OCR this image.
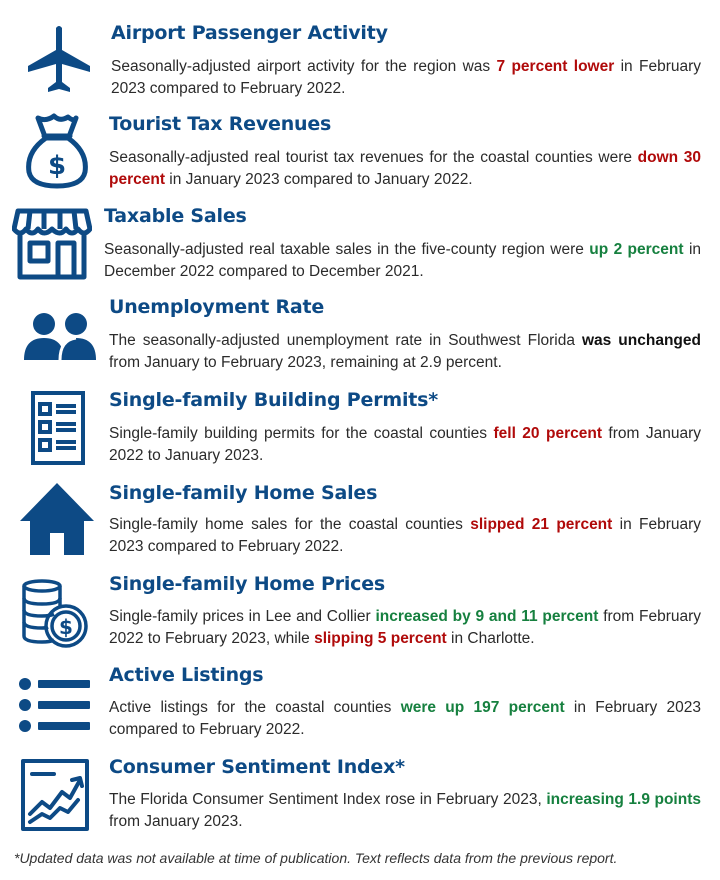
Airport Passenger Activity
Seasonally-adjusted airport activity for the region was 7 percent lower in February 2023 compared to February 2022.
$
Tourist Tax Revenues
Seasonally-adjusted real tourist tax revenues for the coastal counties were down 30 percent in January 2023 compared to January 2022.
Taxable Sales
Seasonally-adjusted real taxable sales in the five-county region were up 2 percent in December 2022 compared to December 2021.
Unemployment Rate
The seasonally-adjusted unemployment rate in Southwest Florida was unchanged from January to February 2023, remaining at 2.9 percent.
Single-family Building Permits*
Single-family building permits for the coastal counties fell 20 percent from January 2022 to January 2023.
Single-family Home Sales
Single-family home sales for the coastal counties slipped 21 percent in February 2023 compared to February 2022.
$
Single-family Home Prices
Single-family prices in Lee and Collier increased by 9 and 11 percent from February 2022 to February 2023, while slipping 5 percent in Charlotte.
Active Listings
Active listings for the coastal counties were up 197 percent in February 2023 compared to February 2022.
Consumer Sentiment Index*
The Florida Consumer Sentiment Index rose in February 2023, increasing 1.9 points from January 2023.
*Updated data was not available at time of publication. Text reflects data from the previous report.
